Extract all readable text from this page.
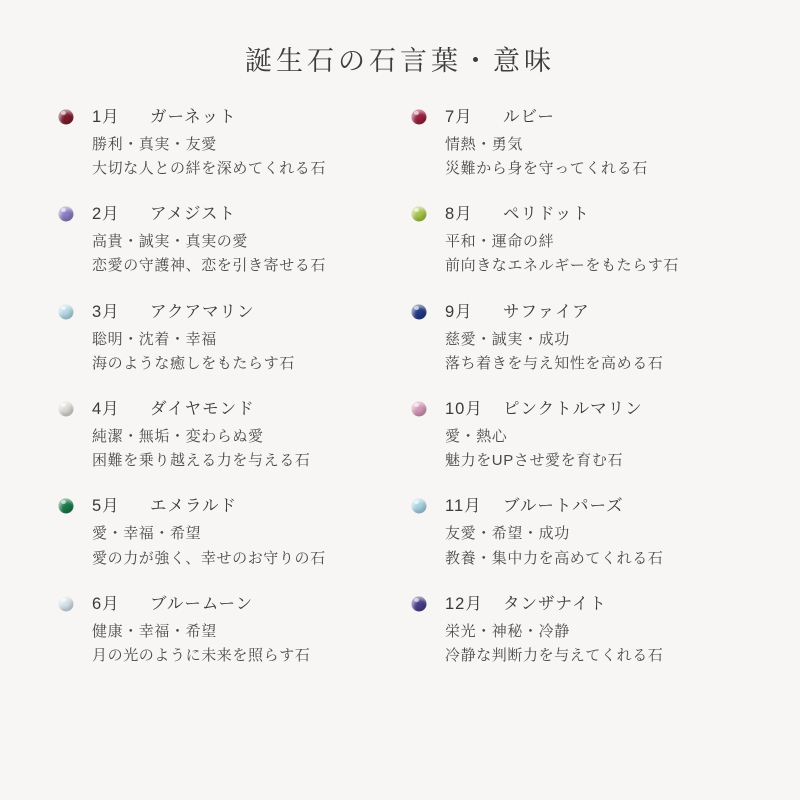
誕生石の石言葉・意味
1月 ガーネット
勝利・真実・友愛
大切な人との絆を深めてくれる石
2月 アメジスト
高貴・誠実・真実の愛
恋愛の守護神、恋を引き寄せる石
3月 アクアマリン
聡明・沈着・幸福
海のような癒しをもたらす石
4月 ダイヤモンド
純潔・無垢・変わらぬ愛
困難を乗り越える力を与える石
5月 エメラルド
愛・幸福・希望
愛の力が強く、幸せのお守りの石
6月 ブルームーン
健康・幸福・希望
月の光のように未来を照らす石
7月 ルビー
情熱・勇気
災難から身を守ってくれる石
8月 ペリドット
平和・運命の絆
前向きなエネルギーをもたらす石
9月 サファイア
慈愛・誠実・成功
落ち着きを与え知性を高める石
10月 ピンクトルマリン
愛・熱心
魅力をUPさせ愛を育む石
11月 ブルートパーズ
友愛・希望・成功
教養・集中力を高めてくれる石
12月 タンザナイト
栄光・神秘・冷静
冷静な判断力を与えてくれる石
